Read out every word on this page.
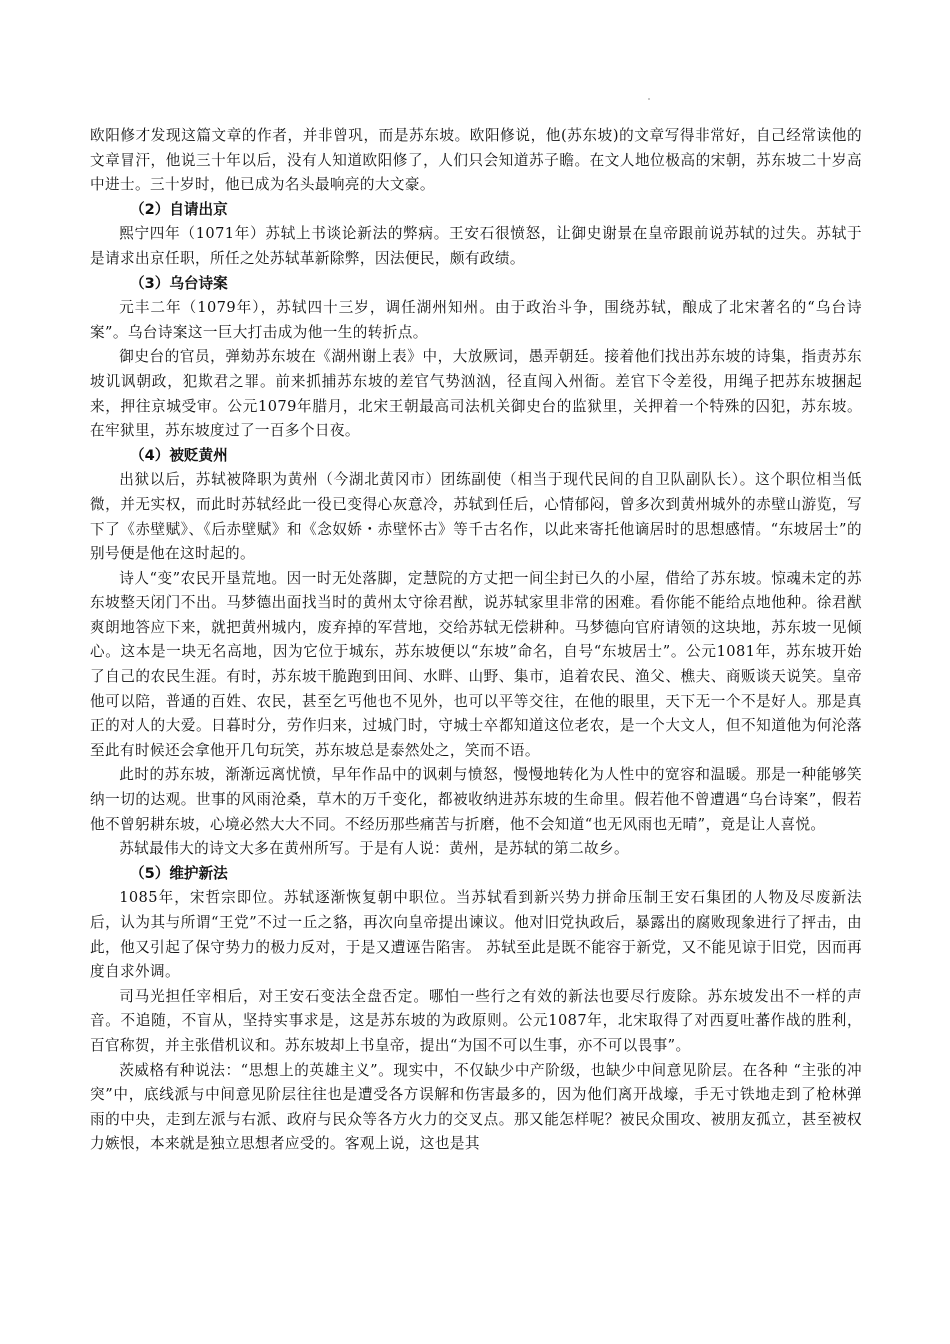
欧阳修才发现这篇文章的作者，并非曾巩，而是苏东坡。欧阳修说，他(苏东坡)的文章写得非常好，自己经常读他的文章冒汗，他说三十年以后，没有人知道欧阳修了，人们只会知道苏子瞻。在文人地位极高的宋朝，苏东坡二十岁高中进士。三十岁时，他已成为名头最响亮的大文豪。

（2）自请出京

熙宁四年（1071年）苏轼上书谈论新法的弊病。王安石很愤怒，让御史谢景在皇帝跟前说苏轼的过失。苏轼于是请求出京任职，所任之处苏轼革新除弊，因法便民，颇有政绩。

（3）乌台诗案

元丰二年（1079年），苏轼四十三岁，调任湖州知州。由于政治斗争，围绕苏轼，酿成了北宋著名的“乌台诗案”。乌台诗案这一巨大打击成为他一生的转折点。

御史台的官员，弹劾苏东坡在《湖州谢上表》中，大放厥词，愚弄朝廷。接着他们找出苏东坡的诗集，指责苏东坡讥讽朝政，犯欺君之罪。前来抓捕苏东坡的差官气势汹汹，径直闯入州衙。差官下令差役，用绳子把苏东坡捆起来，押往京城受审。公元1079年腊月，北宋王朝最高司法机关御史台的监狱里，关押着一个特殊的囚犯，苏东坡。在牢狱里，苏东坡度过了一百多个日夜。

（4）被贬黄州

出狱以后，苏轼被降职为黄州（今湖北黄冈市）团练副使（相当于现代民间的自卫队副队长）。这个职位相当低微，并无实权，而此时苏轼经此一役已变得心灰意冷，苏轼到任后，心情郁闷，曾多次到黄州城外的赤壁山游览，写下了《赤壁赋》、《后赤壁赋》和《念奴娇・赤壁怀古》等千古名作，以此来寄托他谪居时的思想感情。“东坡居士”的别号便是他在这时起的。

诗人“变”农民开垦荒地。因一时无处落脚，定慧院的方丈把一间尘封已久的小屋，借给了苏东坡。惊魂未定的苏东坡整天闭门不出。马梦德出面找当时的黄州太守徐君猷，说苏轼家里非常的困难。看你能不能给点地他种。徐君猷爽朗地答应下来，就把黄州城内，废弃掉的军营地，交给苏轼无偿耕种。马梦德向官府请领的这块地，苏东坡一见倾心。这本是一块无名高地，因为它位于城东，苏东坡便以“东坡”命名，自号“东坡居士”。公元1081年，苏东坡开始了自己的农民生涯。有时，苏东坡干脆跑到田间、水畔、山野、集市，追着农民、渔父、樵夫、商贩谈天说笑。皇帝他可以陪，普通的百姓、农民，甚至乞丐他也不见外，也可以平等交往，在他的眼里，天下无一个不是好人。那是真正的对人的大爱。日暮时分，劳作归来，过城门时，守城士卒都知道这位老农，是一个大文人，但不知道他为何沦落至此有时候还会拿他开几句玩笑，苏东坡总是泰然处之，笑而不语。

此时的苏东坡，渐渐远离忧愤，早年作品中的讽刺与愤怒，慢慢地转化为人性中的宽容和温暖。那是一种能够笑纳一切的达观。世事的风雨沧桑，草木的万千变化，都被收纳进苏东坡的生命里。假若他不曾遭遇“乌台诗案”，假若他不曾躬耕东坡，心境必然大大不同。不经历那些痛苦与折磨，他不会知道“也无风雨也无晴”，竟是让人喜悦。

苏轼最伟大的诗文大多在黄州所写。于是有人说：黄州，是苏轼的第二故乡。

（5）维护新法

1085年，宋哲宗即位。苏轼逐渐恢复朝中职位。当苏轼看到新兴势力拼命压制王安石集团的人物及尽废新法后，认为其与所谓“王党”不过一丘之貉，再次向皇帝提出谏议。他对旧党执政后，暴露出的腐败现象进行了抨击，由此，他又引起了保守势力的极力反对，于是又遭诬告陷害。 苏轼至此是既不能容于新党，又不能见谅于旧党，因而再度自求外调。

司马光担任宰相后，对王安石变法全盘否定。哪怕一些行之有效的新法也要尽行废除。苏东坡发出不一样的声音。不追随，不盲从，坚持实事求是，这是苏东坡的为政原则。公元1087年，北宋取得了对西夏吐蕃作战的胜利，百官称贺，并主张借机议和。苏东坡却上书皇帝，提出“为国不可以生事，亦不可以畏事”。

茨威格有种说法：“思想上的英雄主义”。现实中，不仅缺少中产阶级，也缺少中间意见阶层。在各种 “主张的冲突”中，底线派与中间意见阶层往往也是遭受各方误解和伤害最多的，因为他们离开战壕，手无寸铁地走到了枪林弹雨的中央，走到左派与右派、政府与民众等各方火力的交叉点。那又能怎样呢？被民众围攻、被朋友孤立，甚至被权力嫉恨，本来就是独立思想者应受的。客观上说，这也是其
